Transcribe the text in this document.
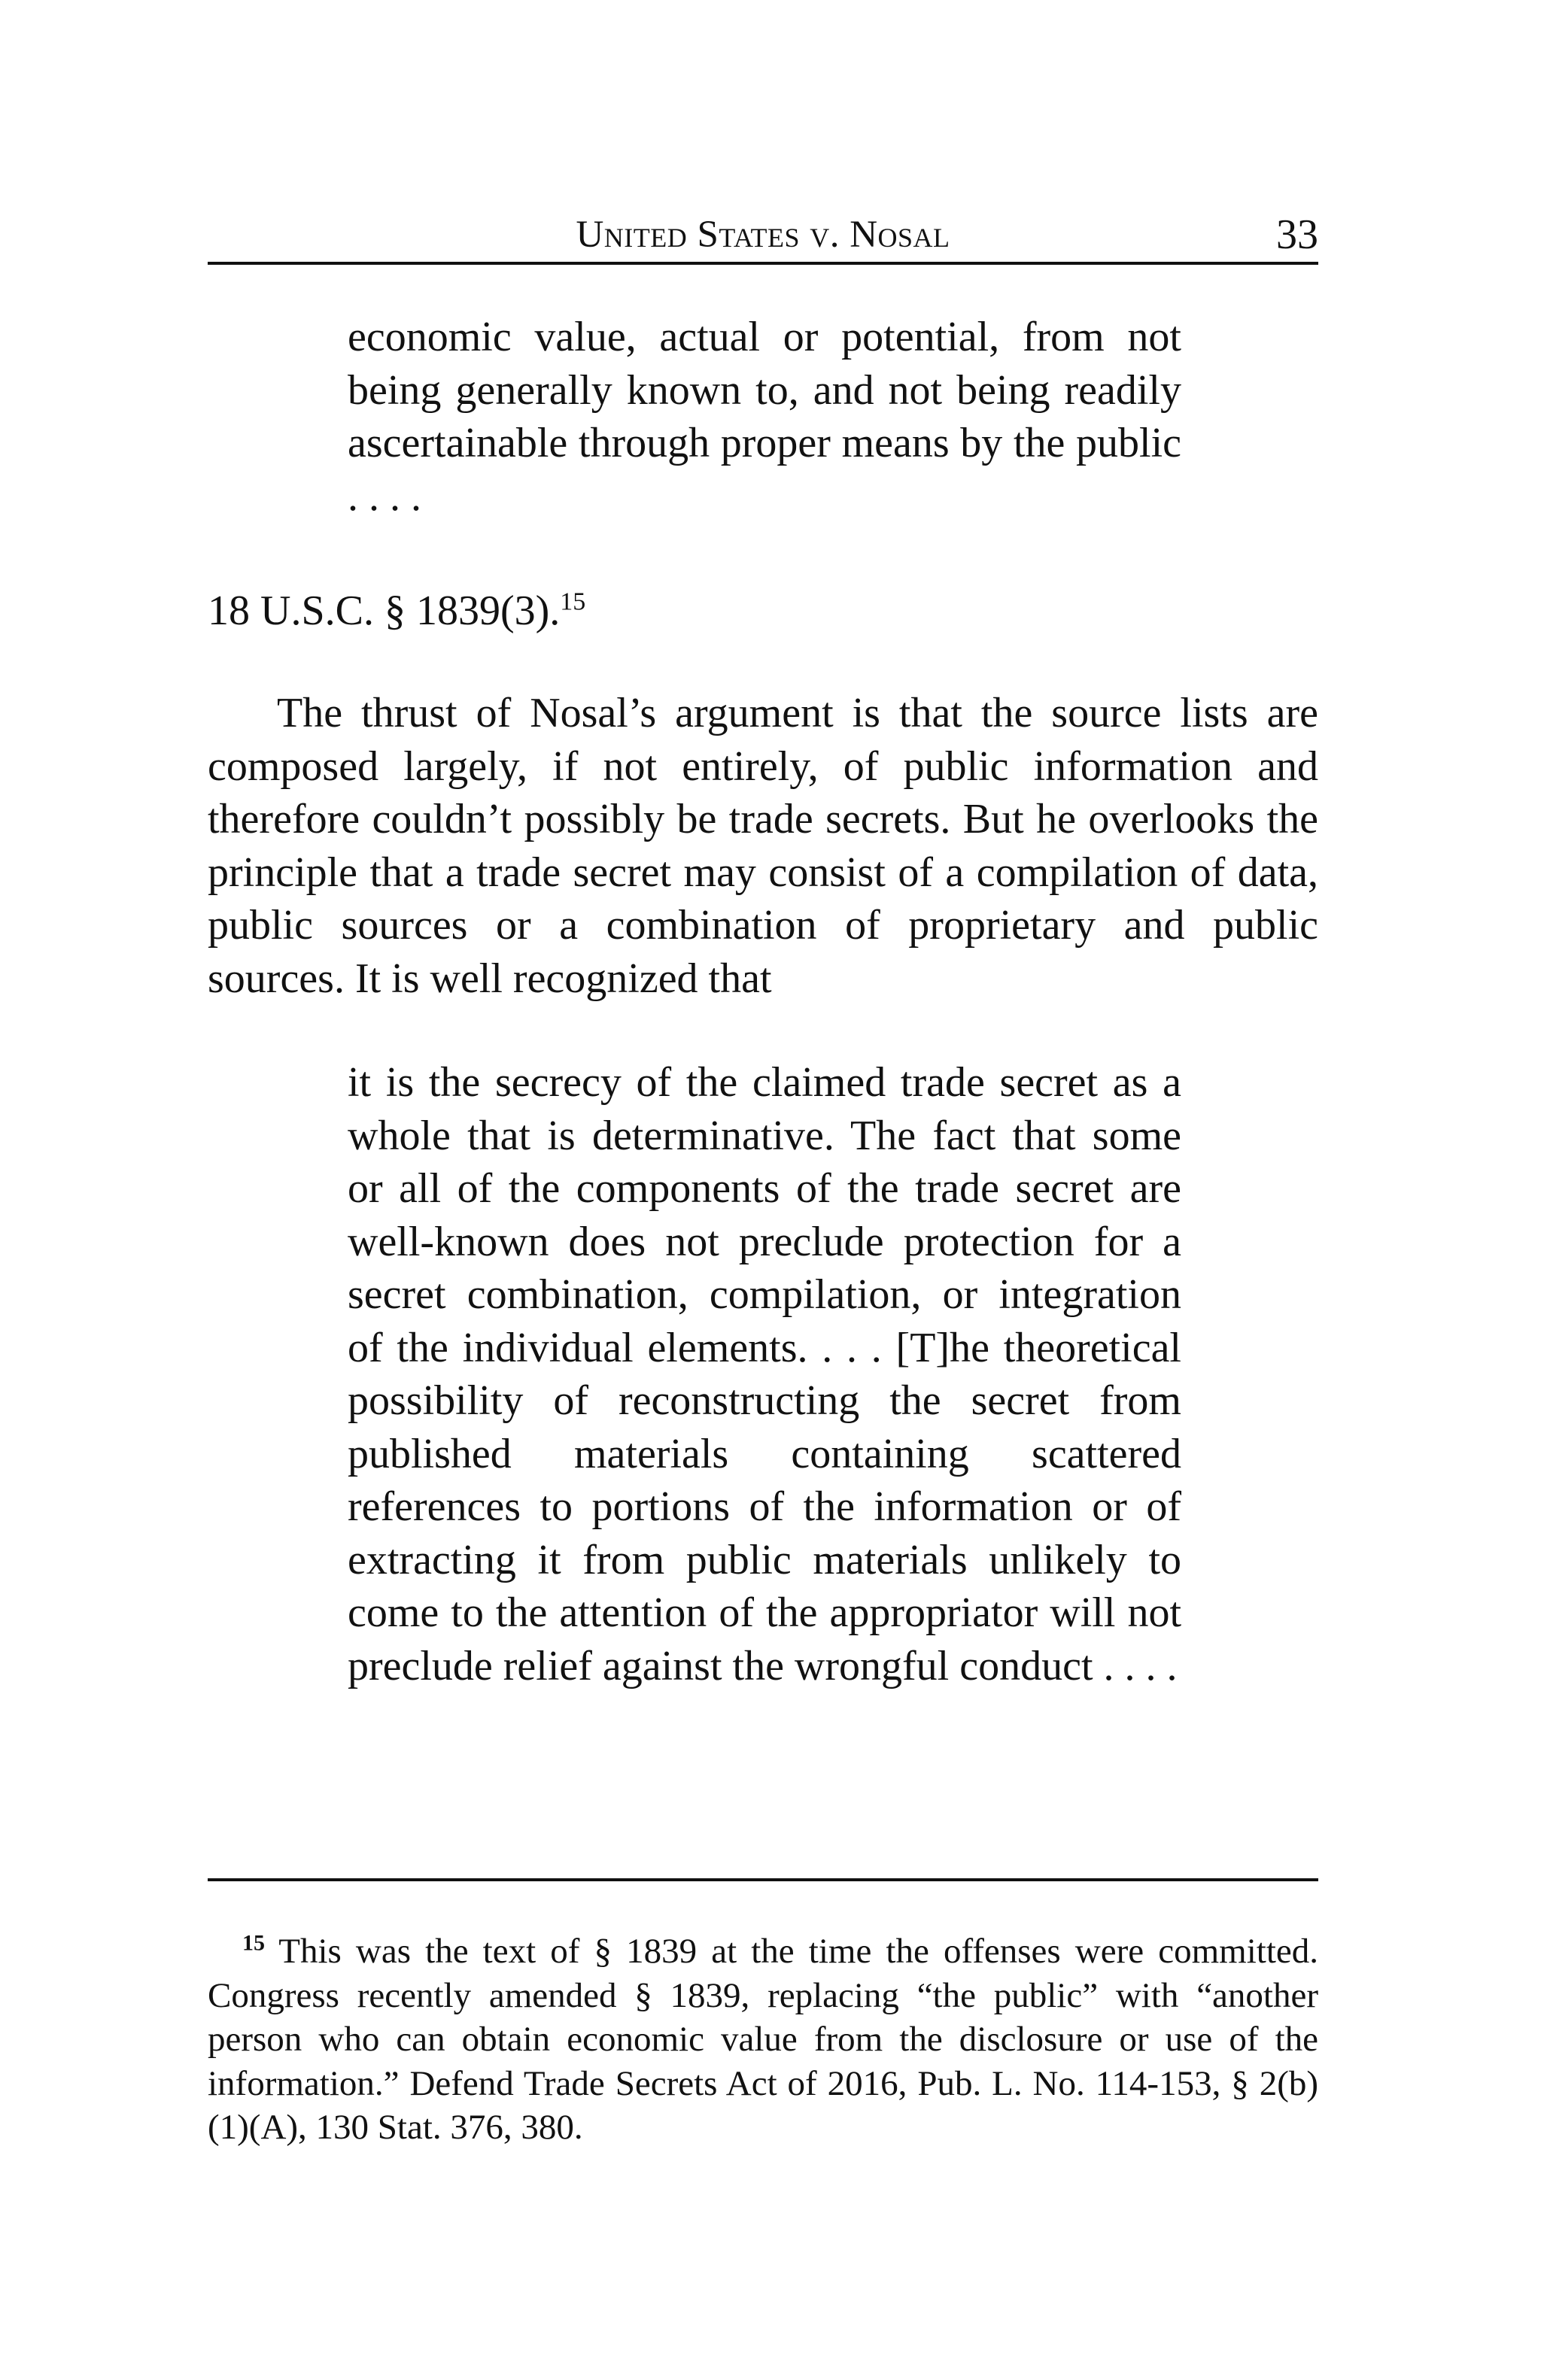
United States v. Nosal	33
economic value, actual or potential, from not being generally known to, and not being readily ascertainable through proper means by the public . . . .
18 U.S.C. § 1839(3).$^{15}$
The thrust of Nosal’s argument is that the source lists are composed largely, if not entirely, of public information and therefore couldn’t possibly be trade secrets. But he overlooks the principle that a trade secret may consist of a compilation of data, public sources or a combination of proprietary and public sources. It is well recognized that
it is the secrecy of the claimed trade secret as a whole that is determinative. The fact that some or all of the components of the trade secret are well-known does not preclude protection for a secret combination, compilation, or integration of the individual elements. . . . [T]he theoretical possibility of reconstructing the secret from published materials containing scattered references to portions of the information or of extracting it from public materials unlikely to come to the attention of the appropriator will not preclude relief against the wrongful conduct . . . .
$^{15}$ This was the text of § 1839 at the time the offenses were committed. Congress recently amended § 1839, replacing “the public” with “another person who can obtain economic value from the disclosure or use of the information.” Defend Trade Secrets Act of 2016, Pub. L. No. 114-153, § 2(b)(1)(A), 130 Stat. 376, 380.
